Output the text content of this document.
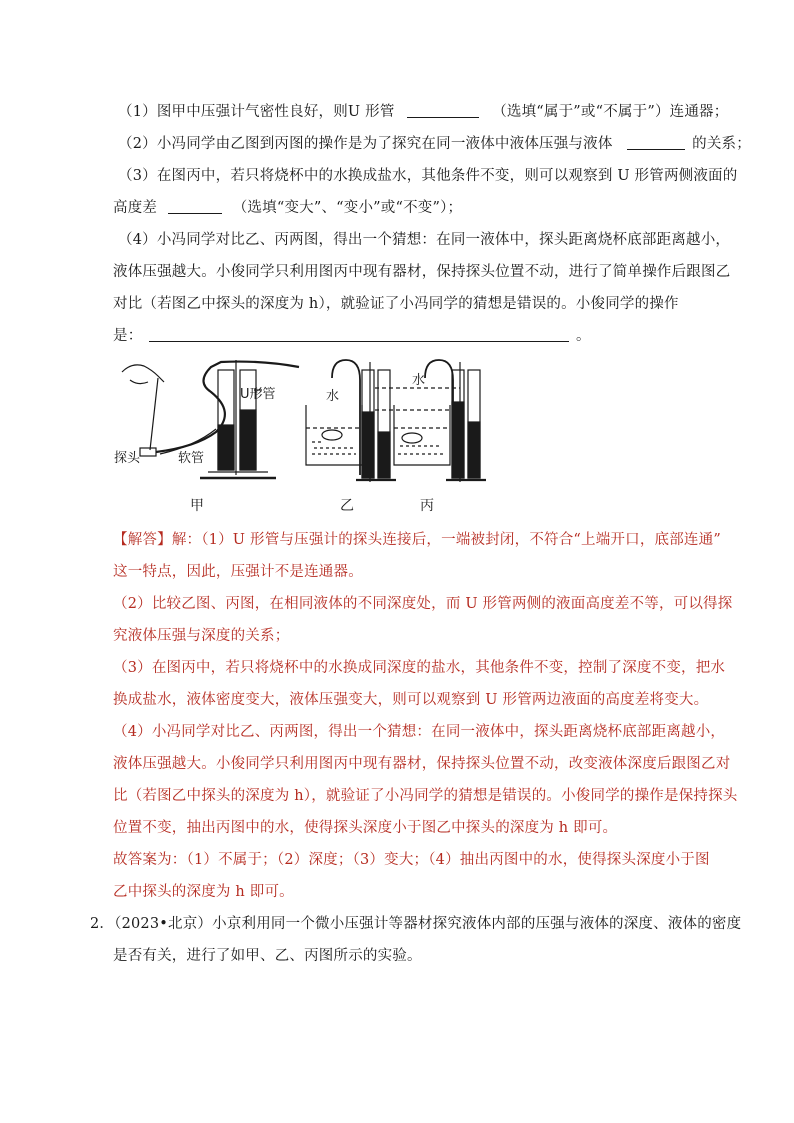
（1）图甲中压强计气密性良好，则U 形管	（选填“属于”或“不属于”）连通器；
（2）小冯同学由乙图到丙图的操作是为了探究在同一液体中液体压强与液体	的关系；
（3）在图丙中，若只将烧杯中的水换成盐水，其他条件不变，则可以观察到 U 形管两侧液面的
高度差	（选填“变大”、“变小”或“不变”）；
（4）小冯同学对比乙、丙两图，得出一个猜想：在同一液体中，探头距离烧杯底部距离越小，
液体压强越大。小俊同学只利用图丙中现有器材，保持探头位置不动，进行了简单操作后跟图乙
对比（若图乙中探头的深度为 h），就验证了小冯同学的猜想是错误的。小俊同学的操作
是：	。
U形管
探头	软管
水
水
甲	乙	丙
【解答】解：（1）U 形管与压强计的探头连接后，一端被封闭，不符合“上端开口，底部连通”
这一特点，因此，压强计不是连通器。
（2）比较乙图、丙图，在相同液体的不同深度处，而 U 形管两侧的液面高度差不等，可以得探
究液体压强与深度的关系；
（3）在图丙中，若只将烧杯中的水换成同深度的盐水，其他条件不变，控制了深度不变，把水
换成盐水，液体密度变大，液体压强变大，则可以观察到 U 形管两边液面的高度差将变大。
（4）小冯同学对比乙、丙两图，得出一个猜想：在同一液体中，探头距离烧杯底部距离越小，
液体压强越大。小俊同学只利用图丙中现有器材，保持探头位置不动，改变液体深度后跟图乙对
比（若图乙中探头的深度为 h），就验证了小冯同学的猜想是错误的。小俊同学的操作是保持探头
位置不变，抽出丙图中的水，使得探头深度小于图乙中探头的深度为 h 即可。
故答案为：（1）不属于；（2）深度；（3）变大；（4）抽出丙图中的水，使得探头深度小于图
乙中探头的深度为 h 即可。
2．（2023•北京）小京利用同一个微小压强计等器材探究液体内部的压强与液体的深度、液体的密度
是否有关，进行了如甲、乙、丙图所示的实验。
